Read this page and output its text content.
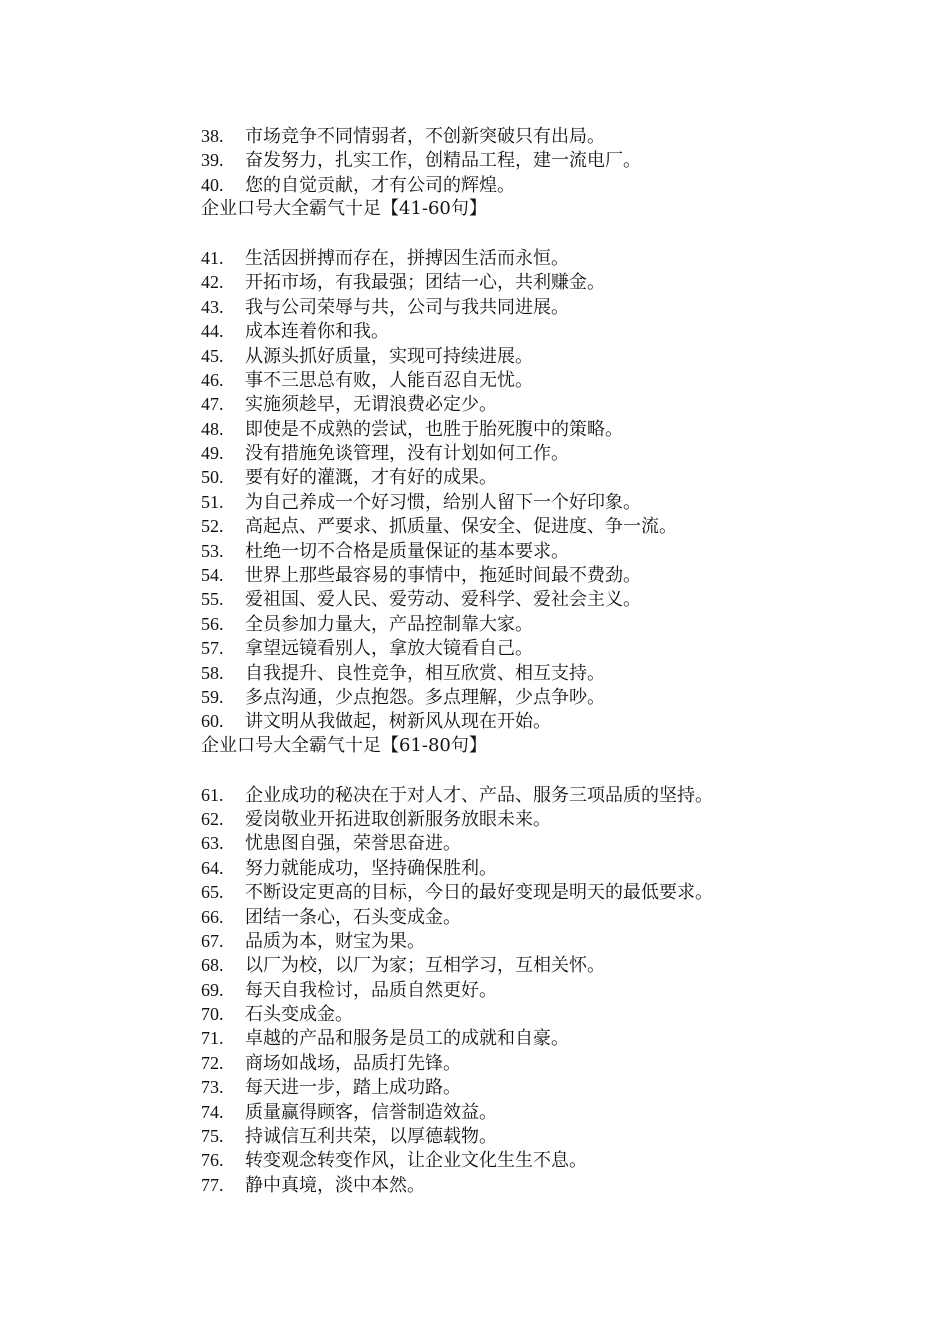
38. 市场竞争不同情弱者，不创新突破只有出局。
39. 奋发努力，扎实工作，创精品工程，建一流电厂。
40. 您的自觉贡献，才有公司的辉煌。
企业口号大全霸气十足【41-60句】
41. 生活因拼搏而存在，拼搏因生活而永恒。
42. 开拓市场，有我最强；团结一心，共利赚金。
43. 我与公司荣辱与共，公司与我共同进展。
44. 成本连着你和我。
45. 从源头抓好质量，实现可持续进展。
46. 事不三思总有败，人能百忍自无忧。
47. 实施须趁早，无谓浪费必定少。
48. 即使是不成熟的尝试，也胜于胎死腹中的策略。
49. 没有措施免谈管理，没有计划如何工作。
50. 要有好的灌溉，才有好的成果。
51. 为自己养成一个好习惯，给别人留下一个好印象。
52. 高起点、严要求、抓质量、保安全、促进度、争一流。
53. 杜绝一切不合格是质量保证的基本要求。
54. 世界上那些最容易的事情中，拖延时间最不费劲。
55. 爱祖国、爱人民、爱劳动、爱科学、爱社会主义。
56. 全员参加力量大，产品控制靠大家。
57. 拿望远镜看别人，拿放大镜看自己。
58. 自我提升、良性竞争，相互欣赏、相互支持。
59. 多点沟通，少点抱怨。多点理解，少点争吵。
60. 讲文明从我做起，树新风从现在开始。
企业口号大全霸气十足【61-80句】
61. 企业成功的秘决在于对人才、产品、服务三项品质的坚持。
62. 爱岗敬业开拓进取创新服务放眼未来。
63. 忧患图自强，荣誉思奋进。
64. 努力就能成功，坚持确保胜利。
65. 不断设定更高的目标，今日的最好变现是明天的最低要求。
66. 团结一条心，石头变成金。
67. 品质为本，财宝为果。
68. 以厂为校，以厂为家；互相学习，互相关怀。
69. 每天自我检讨，品质自然更好。
70. 石头变成金。
71. 卓越的产品和服务是员工的成就和自豪。
72. 商场如战场，品质打先锋。
73. 每天进一步，踏上成功路。
74. 质量赢得顾客，信誉制造效益。
75. 持诚信互利共荣，以厚德载物。
76. 转变观念转变作风，让企业文化生生不息。
77. 静中真境，淡中本然。
